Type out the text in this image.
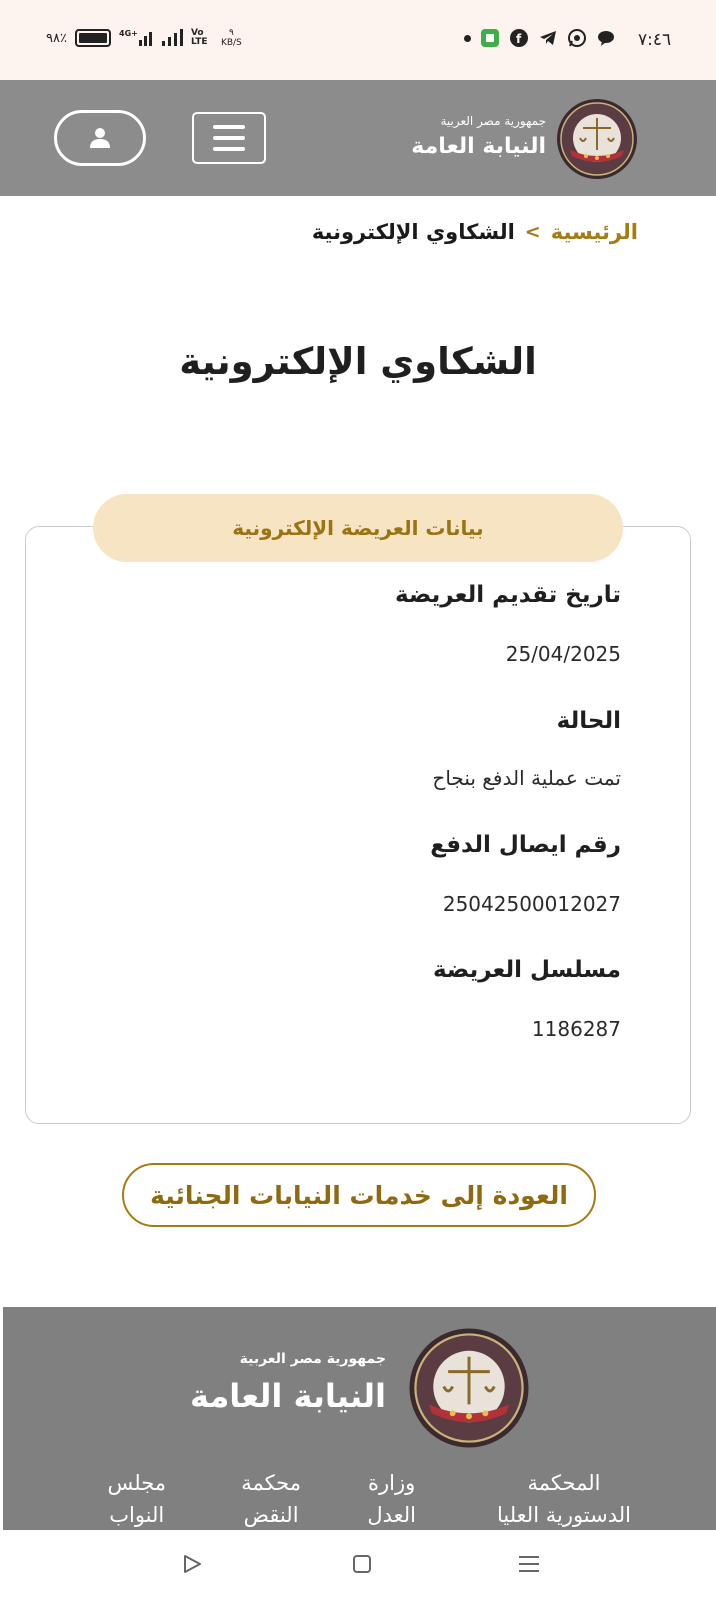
٩٨٪	4G+	Vo LTE
٩
KB/S	f	٧:٤٦
جمهورية مصر العربية
النيابة العامة
الرئيسية
>
الشكاوي الإلكترونية
الشكاوي الإلكترونية
بيانات العريضة الإلكترونية
تاريخ تقديم العريضة
25/04/2025
الحالة
تمت عملية الدفع بنجاح
رقم ايصال الدفع
25042500012027
مسلسل العريضة
1186287
العودة إلى خدمات النيابات الجنائية
جمهورية مصر العربية
النيابة العامة
المحكمة
الدستورية العليا
وزارة
العدل
محكمة
النقض
مجلس
النواب
